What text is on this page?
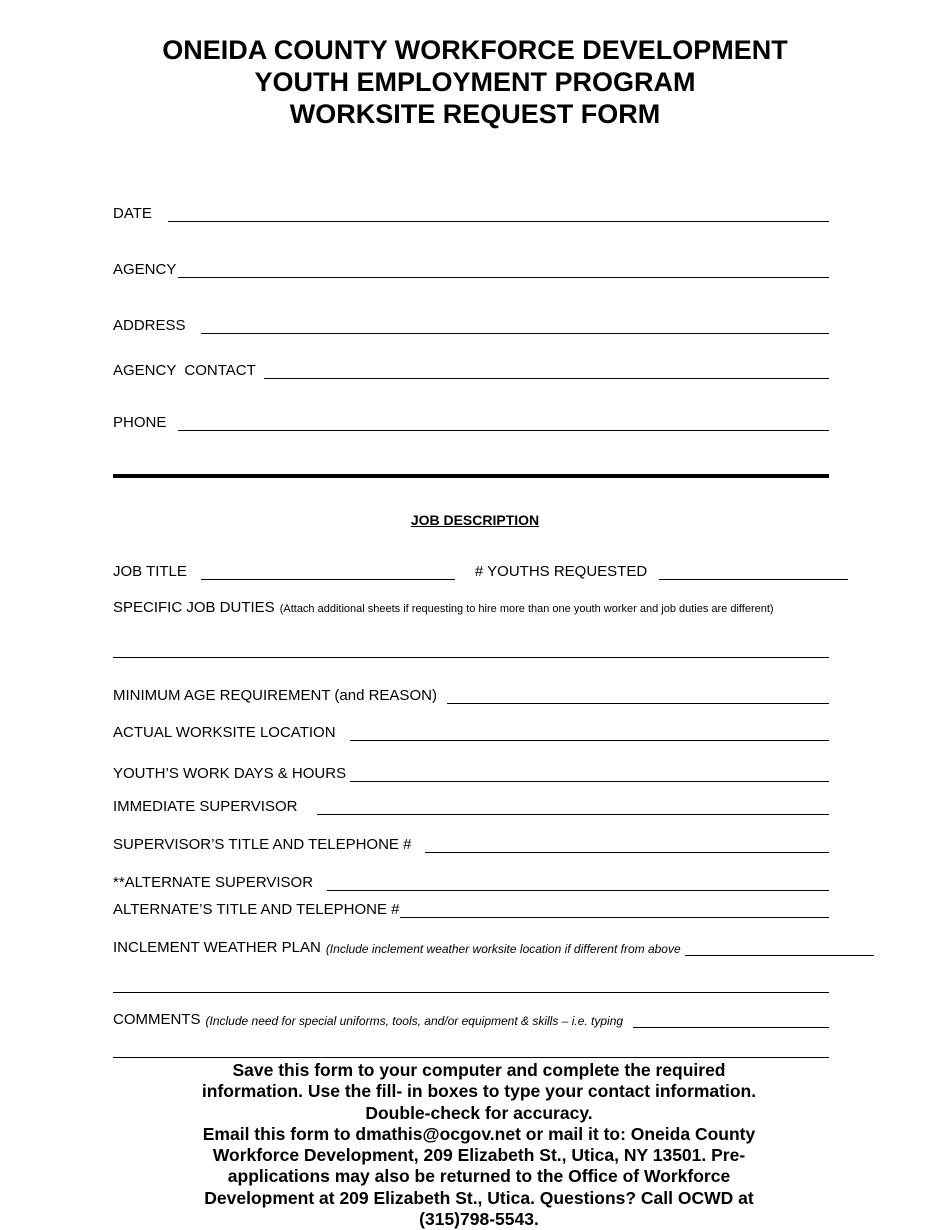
ONEIDA COUNTY WORKFORCE DEVELOPMENT
YOUTH EMPLOYMENT PROGRAM
WORKSITE REQUEST FORM
DATE
AGENCY
ADDRESS
AGENCY  CONTACT
PHONE
JOB DESCRIPTION
JOB TITLE	# YOUTHS REQUESTED
SPECIFIC JOB DUTIES (Attach additional sheets if requesting to hire more than one youth worker and job duties are different)
MINIMUM AGE REQUIREMENT (and REASON)
ACTUAL WORKSITE LOCATION
YOUTH’S WORK DAYS & HOURS
IMMEDIATE SUPERVISOR
SUPERVISOR’S TITLE AND TELEPHONE #
**ALTERNATE SUPERVISOR
ALTERNATE’S TITLE AND TELEPHONE #
INCLEMENT WEATHER PLAN (Include inclement weather worksite location if different from above
COMMENTS (Include need for special uniforms, tools, and/or equipment & skills – i.e. typing

Save this form to your computer and complete the required information. Use the fill- in boxes to type your contact information. Double-check for accuracy.

Email this form to dmathis@ocgov.net or mail it to: Oneida County Workforce Development, 209 Elizabeth St., Utica, NY 13501. Pre-applications may also be returned to the Office of Workforce Development at 209 Elizabeth St., Utica. Questions? Call OCWD at (315)798-5543.
